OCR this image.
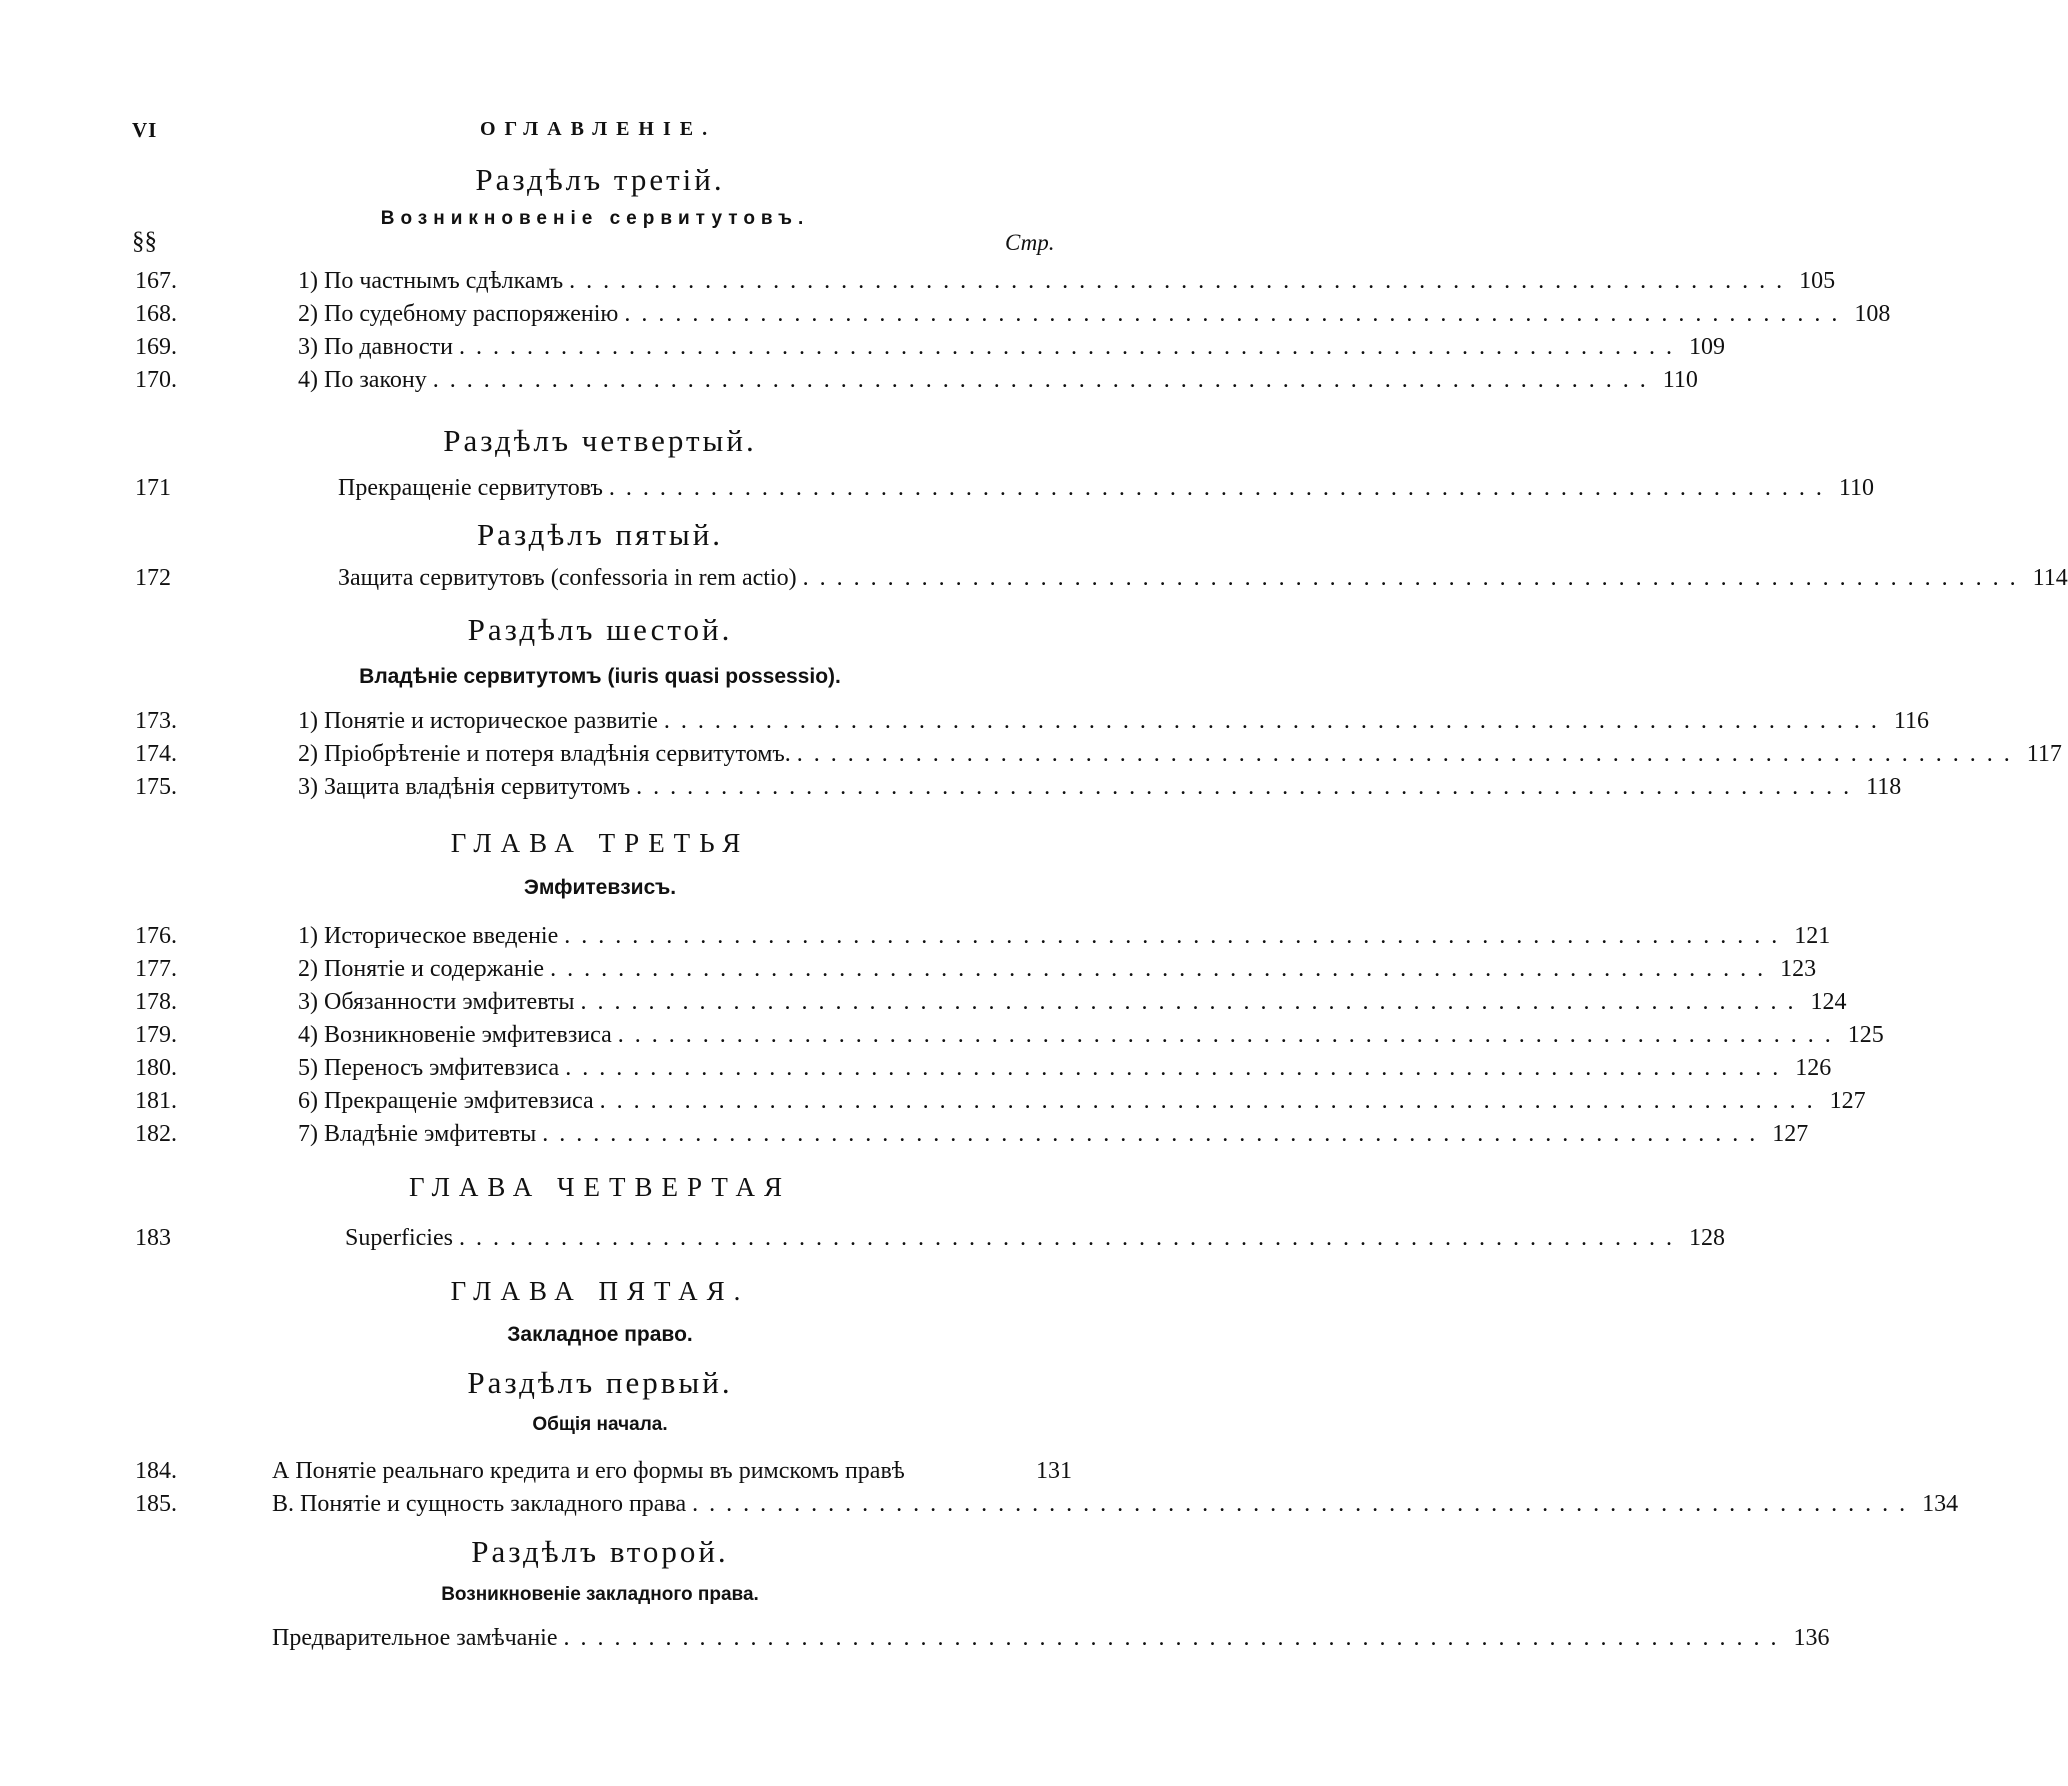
VI	ОГЛАВЛЕНІЕ.
Раздѣлъ третій.
Возникновеніе сервитутовъ.
§§	Стр.
167.	1) По частнымъ сдѣлкамъ ........................................................................ 105
168.	2) По судебному распоряженію ........................................................................ 108
169.	3) По давности ........................................................................ 109
170.	4) По закону ........................................................................ 110
Раздѣлъ четвертый.
171	Прекращеніе сервитутовъ ........................................................................ 110
Раздѣлъ пятый.
172	Защита сервитутовъ (confessoria in rem actio) ........................................................................ 114
Раздѣлъ шестой.
Владѣніе сервитутомъ (iuris quasi possessio).
173.	1) Понятіе и историческое развитіе ........................................................................ 116
174.	2) Пріобрѣтеніе и потеря владѣнія сервитутомъ. ........................................................................ 117
175.	3) Защита владѣнія сервитутомъ ........................................................................ 118
ГЛАВА ТРЕТЬЯ
Эмфитевзисъ.
176.	1) Историческое введеніе ........................................................................ 121
177.	2) Понятіе и содержаніе ........................................................................ 123
178.	3) Обязанности эмфитевты ........................................................................ 124
179.	4) Возникновеніе эмфитевзиса ........................................................................ 125
180.	5) Переносъ эмфитевзиса ........................................................................ 126
181.	6) Прекращеніе эмфитевзиса ........................................................................ 127
182.	7) Владѣніе эмфитевты ........................................................................ 127
ГЛАВА ЧЕТВЕРТАЯ
183	Superficies ........................................................................ 128
ГЛАВА ПЯТАЯ.
Закладное право.
Раздѣлъ первый.
Общія начала.
184.	А Понятіе реальнаго кредита и его формы въ римскомъ правѣ	131
185.	В. Понятіе и сущность закладного права ........................................................................ 134
Раздѣлъ второй.
Возникновеніе закладного права.
Предварительное замѣчаніе ........................................................................ 136
